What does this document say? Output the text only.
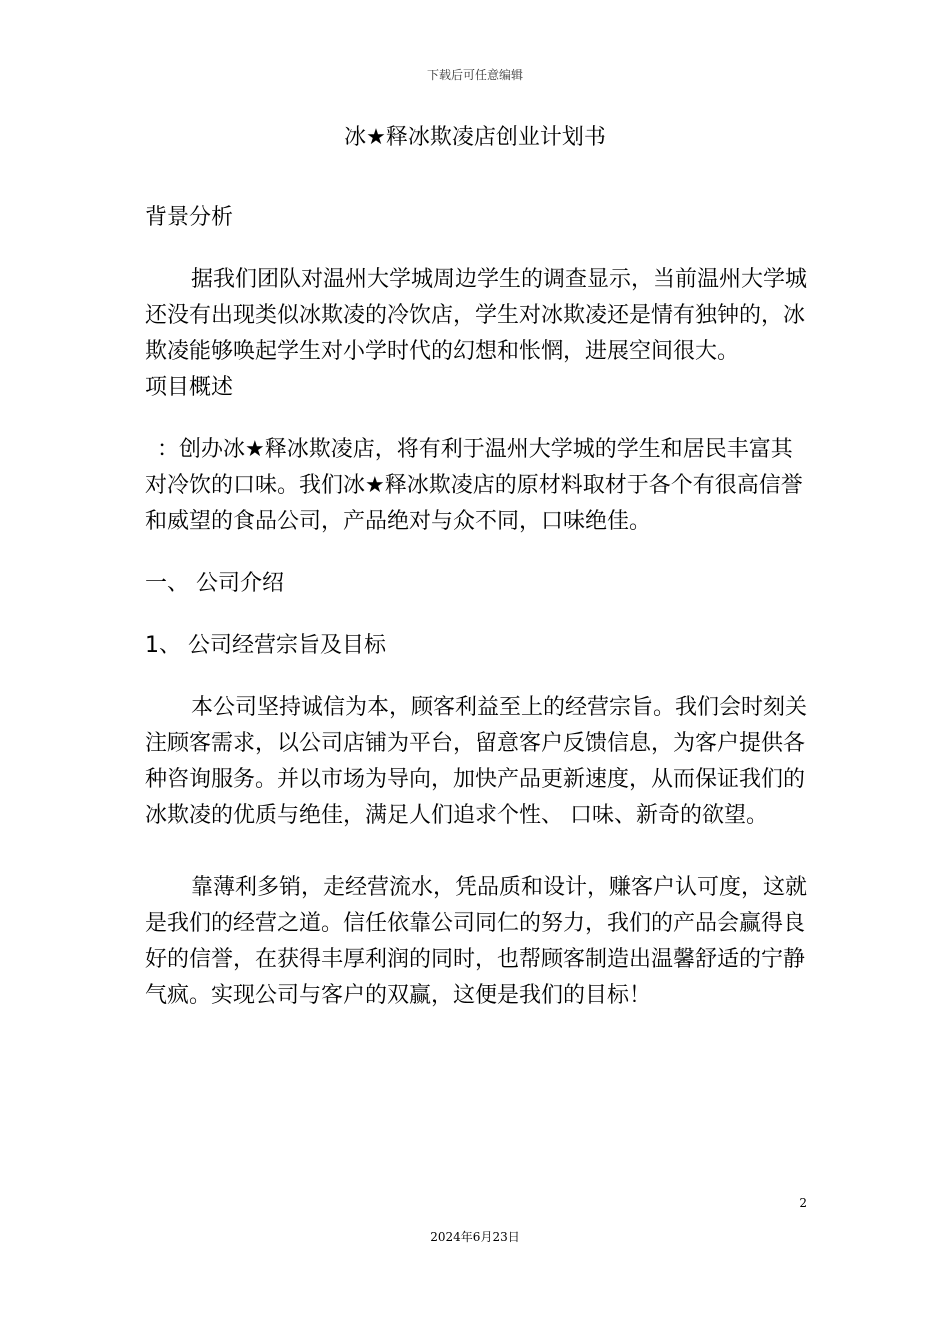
下载后可任意编辑
冰★释冰欺凌店创业计划书

背景分析

据我们团队对温州大学城周边学生的调查显示，当前温州大学城还没有出现类似冰欺凌的冷饮店，学生对冰欺凌还是情有独钟的，冰欺凌能够唤起学生对小学时代的幻想和怅惘，进展空间很大。

项目概述

：创办冰★释冰欺凌店，将有利于温州大学城的学生和居民丰富其对冷饮的口味。我们冰★释冰欺凌店的原材料取材于各个有很高信誉和威望的食品公司，产品绝对与众不同，口味绝佳。

一、 公司介绍

1、 公司经营宗旨及目标

本公司坚持诚信为本，顾客利益至上的经营宗旨。我们会时刻关注顾客需求，以公司店铺为平台，留意客户反馈信息，为客户提供各种咨询服务。并以市场为导向，加快产品更新速度，从而保证我们的冰欺凌的优质与绝佳，满足人们追求个性、 口味、新奇的欲望。

靠薄利多销，走经营流水，凭品质和设计，赚客户认可度，这就是我们的经营之道。信任依靠公司同仁的努力，我们的产品会赢得良好的信誉，在获得丰厚利润的同时，也帮顾客制造出温馨舒适的宁静气疯。实现公司与客户的双赢，这便是我们的目标！

2
2024年6月23日
